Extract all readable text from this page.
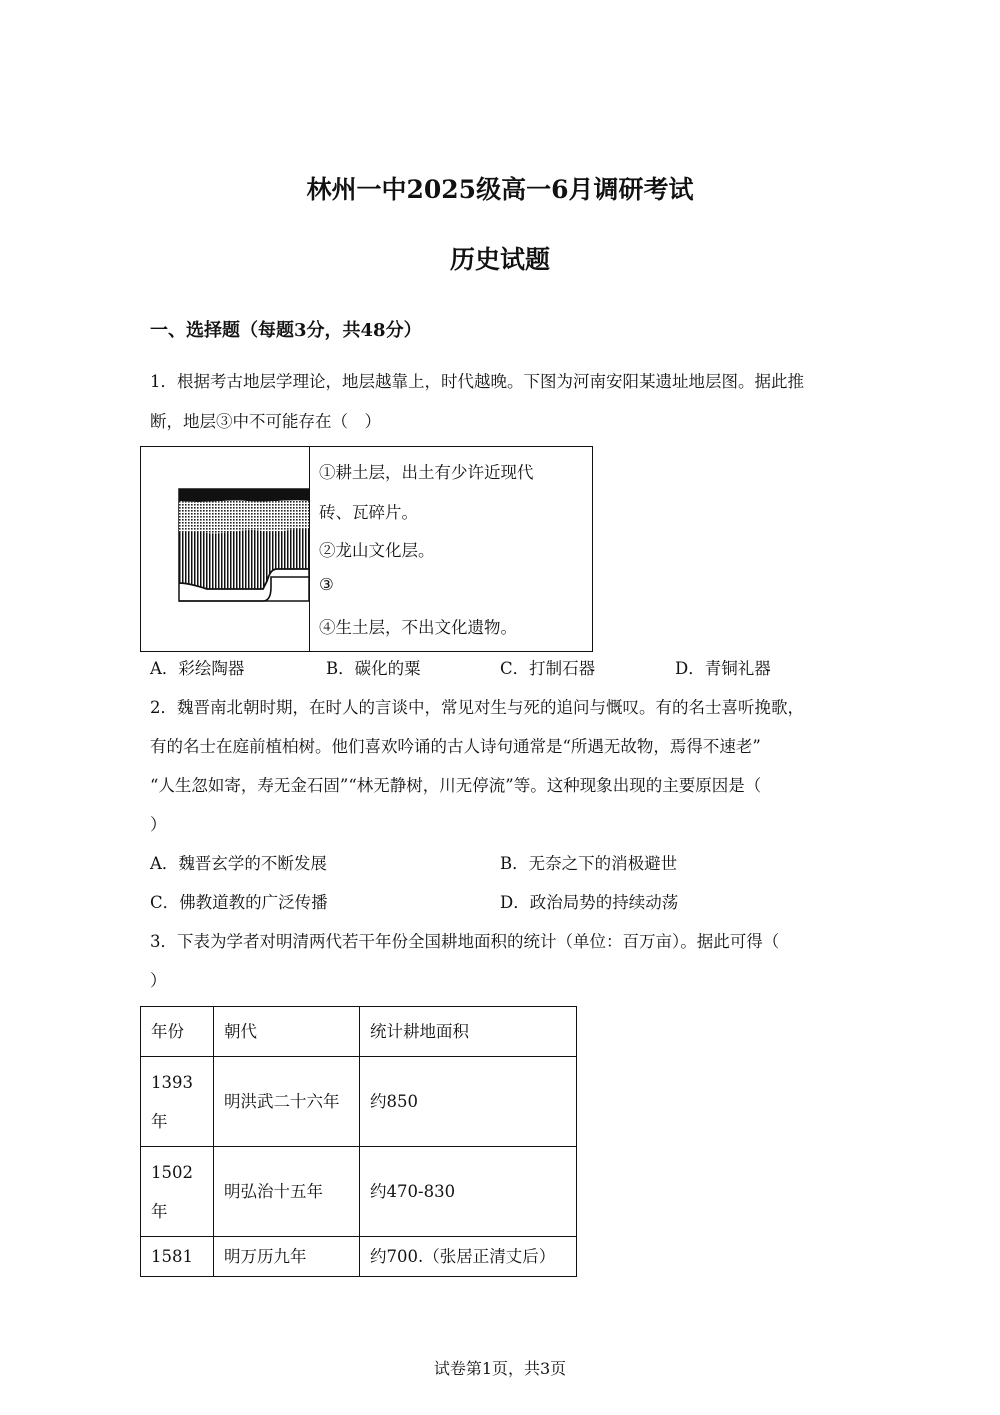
林州一中2025级高一6月调研考试
历史试题
一、选择题（每题3分，共48分）
1．根据考古地层学理论，地层越靠上，时代越晚。下图为河南安阳某遗址地层图。据此推
断，地层③中不可能存在（　）
①耕土层，出土有少许近现代
砖、瓦碎片。
②龙山文化层。
③
④生土层，不出文化遗物。
A．彩绘陶器	B．碳化的粟	C．打制石器	D．青铜礼器
2．魏晋南北朝时期，在时人的言谈中，常见对生与死的追问与慨叹。有的名士喜听挽歌，
有的名士在庭前植柏树。他们喜欢吟诵的古人诗句通常是“所遇无故物，焉得不速老”
“人生忽如寄，寿无金石固”“林无静树，川无停流”等。这种现象出现的主要原因是（
）
A．魏晋玄学的不断发展	B．无奈之下的消极避世
C．佛教道教的广泛传播	D．政治局势的持续动荡
3．下表为学者对明清两代若干年份全国耕地面积的统计（单位：百万亩）。据此可得（
）
年份	朝代	统计耕地面积

1393
年	明洪武二十六年	约850

1502
年	明弘治十五年	约470-830
1581	明万历九年	约700.（张居正清丈后）
试卷第1页，共3页
